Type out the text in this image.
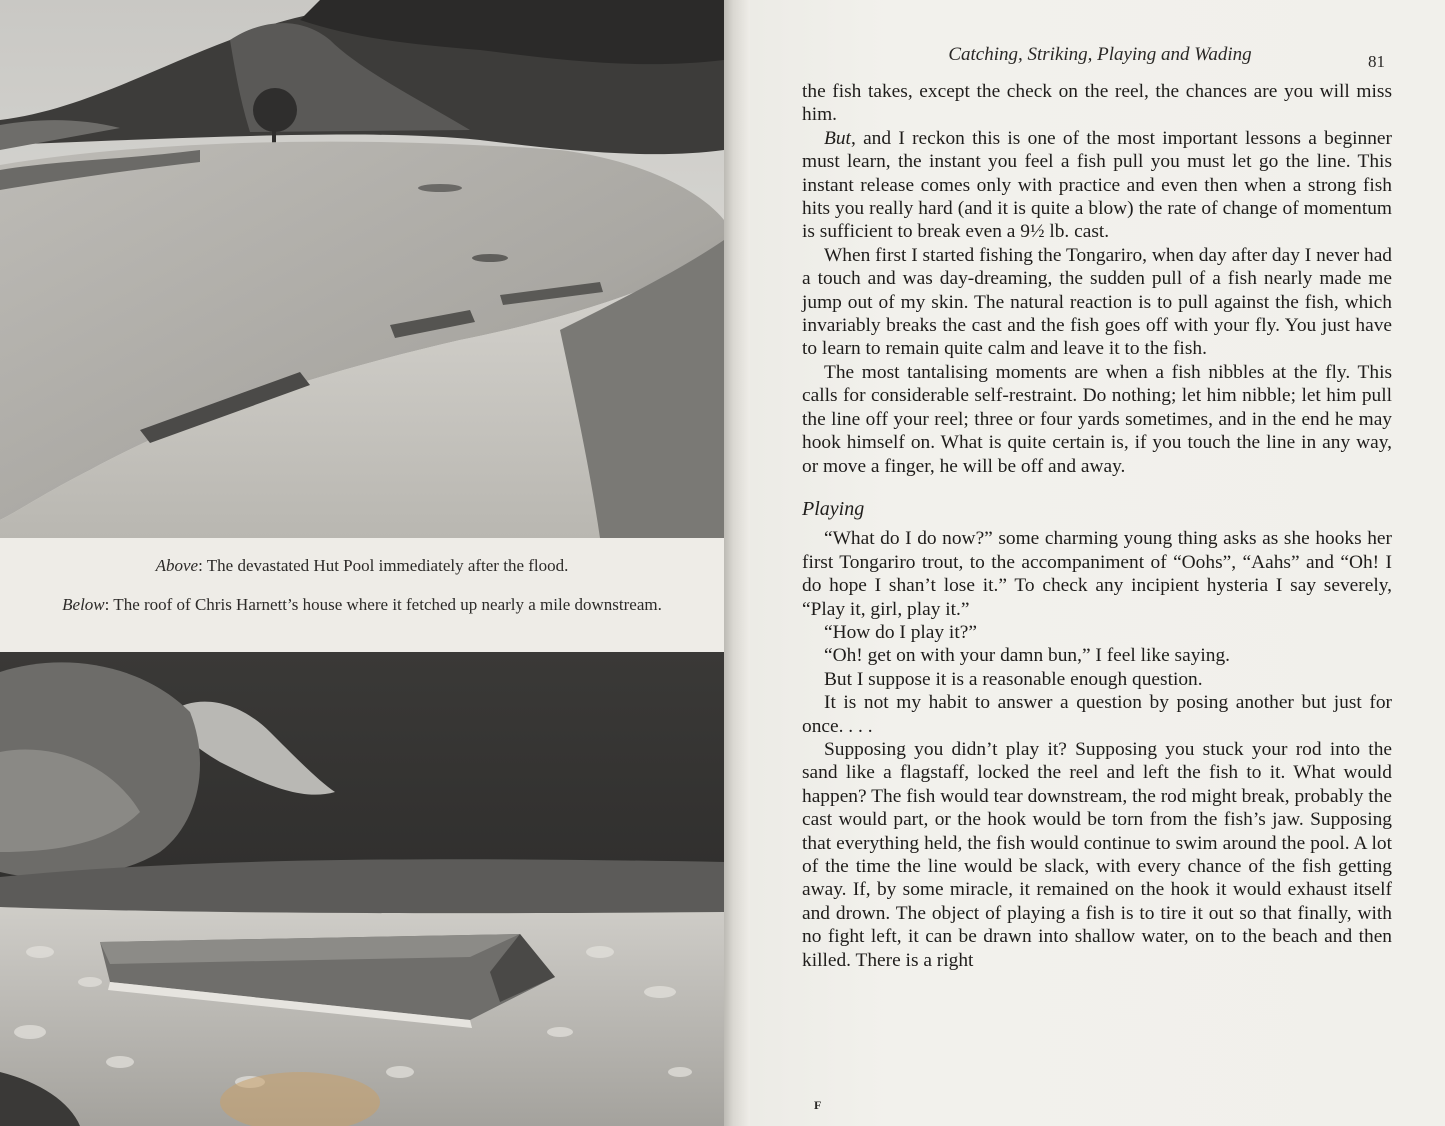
Above: The devastated Hut Pool immediately after the flood.
Below: The roof of Chris Harnett’s house where it fetched up nearly a mile downstream.
Catching, Striking, Playing and Wading	81

the fish takes, except the check on the reel, the chances are you will miss him.

But, and I reckon this is one of the most important lessons a beginner must learn, the instant you feel a fish pull you must let go the line. This instant release comes only with practice and even then when a strong fish hits you really hard (and it is quite a blow) the rate of change of momentum is sufficient to break even a 9½ lb. cast.

When first I started fishing the Tongariro, when day after day I never had a touch and was day-dreaming, the sudden pull of a fish nearly made me jump out of my skin. The natural reaction is to pull against the fish, which invariably breaks the cast and the fish goes off with your fly. You just have to learn to remain quite calm and leave it to the fish.

The most tantalising moments are when a fish nibbles at the fly. This calls for considerable self-restraint. Do nothing; let him nibble; let him pull the line off your reel; three or four yards sometimes, and in the end he may hook himself on. What is quite certain is, if you touch the line in any way, or move a finger, he will be off and away.

Playing

“What do I do now?” some charming young thing asks as she hooks her first Tongariro trout, to the accompaniment of “Oohs”, “Aahs” and “Oh! I do hope I shan’t lose it.” To check any incipient hysteria I say severely, “Play it, girl, play it.”

“How do I play it?”

“Oh! get on with your damn bun,” I feel like saying.

But I suppose it is a reasonable enough question.

It is not my habit to answer a question by posing another but just for once. . . .

Supposing you didn’t play it? Supposing you stuck your rod into the sand like a flagstaff, locked the reel and left the fish to it. What would happen? The fish would tear downstream, the rod might break, probably the cast would part, or the hook would be torn from the fish’s jaw. Supposing that everything held, the fish would continue to swim around the pool. A lot of the time the line would be slack, with every chance of the fish getting away. If, by some miracle, it remained on the hook it would exhaust itself and drown. The object of playing a fish is to tire it out so that finally, with no fight left, it can be drawn into shallow water, on to the beach and then killed. There is a right

F
